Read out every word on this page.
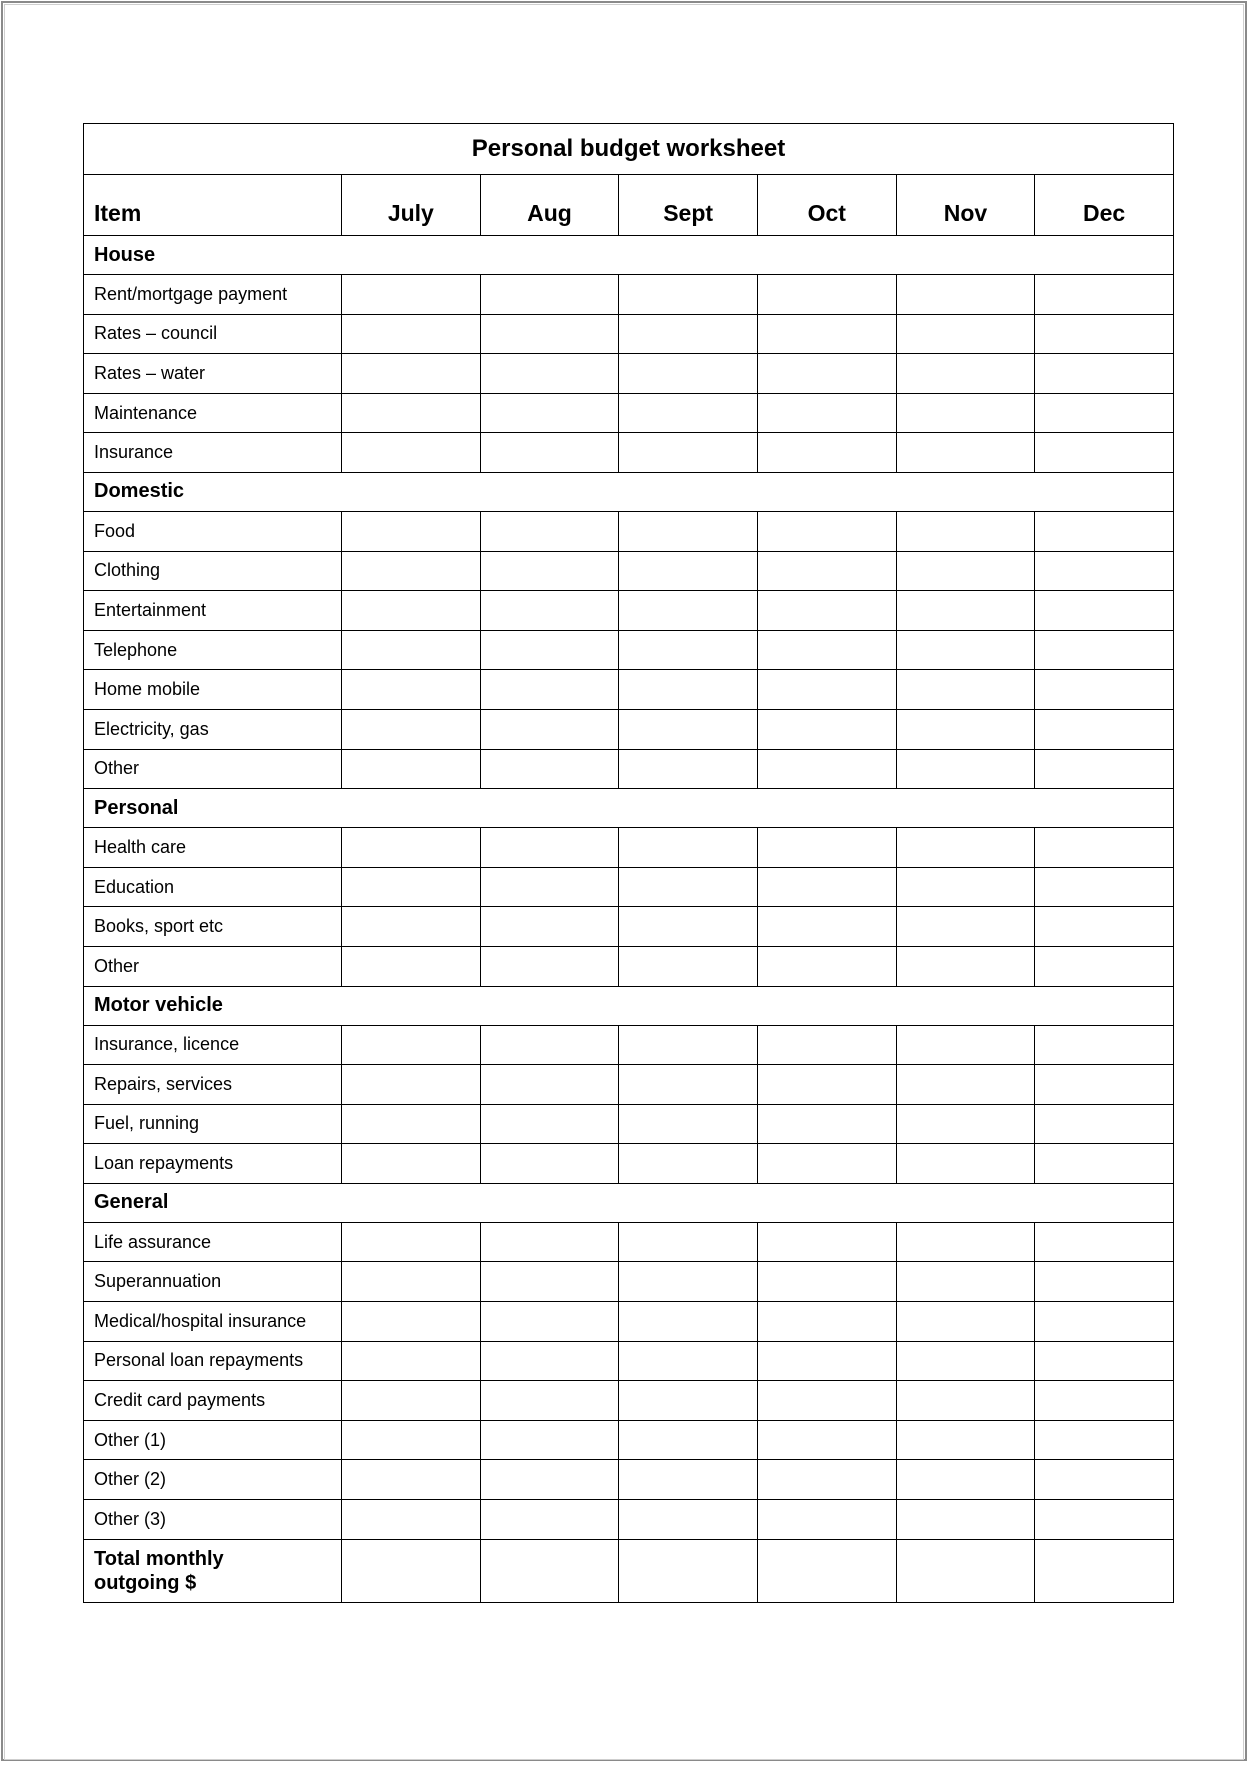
Personal budget worksheet						
Item	July	Aug	Sept	Oct	Nov	Dec
House						
Rent/mortgage payment						
Rates – council						
Rates – water						
Maintenance						
Insurance						
Domestic						
Food						
Clothing						
Entertainment						
Telephone						
Home mobile						
Electricity, gas						
Other						
Personal						
Health care						
Education						
Books, sport etc						
Other						
Motor vehicle						
Insurance, licence						
Repairs, services						
Fuel, running						
Loan repayments						
General						
Life assurance						
Superannuation						
Medical/hospital insurance						
Personal loan repayments						
Credit card payments						
Other (1)						
Other (2)						
Other (3)						

Total monthly
outgoing $						
